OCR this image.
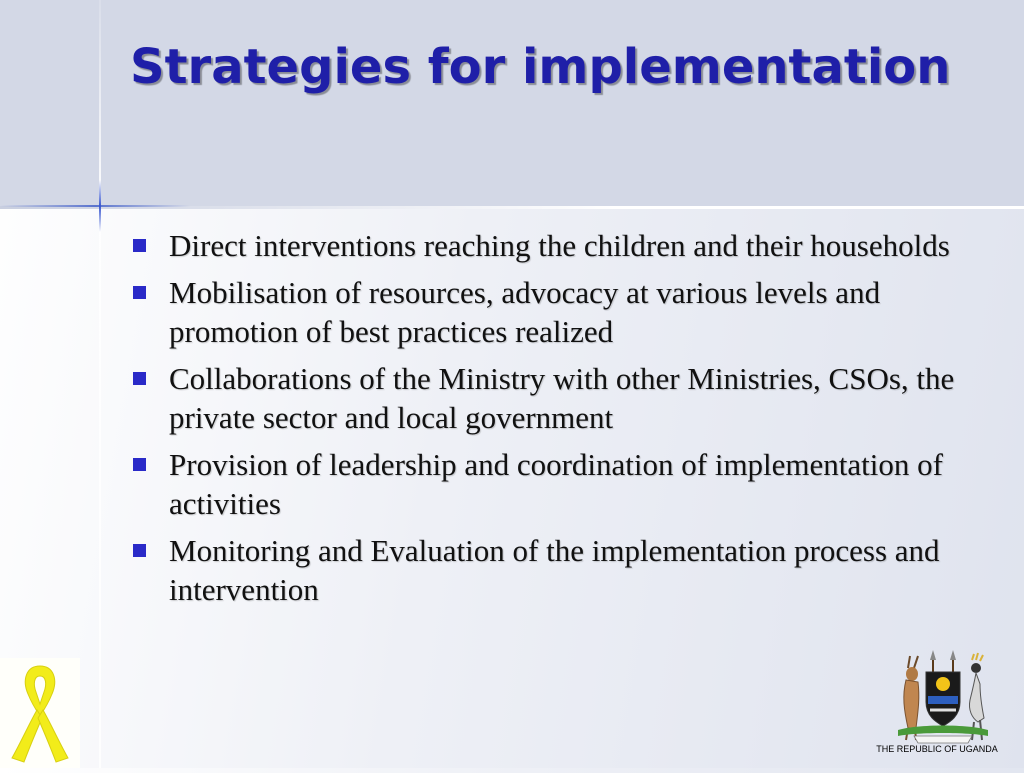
Strategies for implementation
Direct interventions reaching the children and their households
Mobilisation of resources, advocacy at various levels and promotion of best practices realized
Collaborations of the Ministry with other Ministries, CSOs, the private sector and local government
Provision of leadership and coordination of implementation of activities
Monitoring and Evaluation of the implementation process and intervention
THE REPUBLIC OF UGANDA
